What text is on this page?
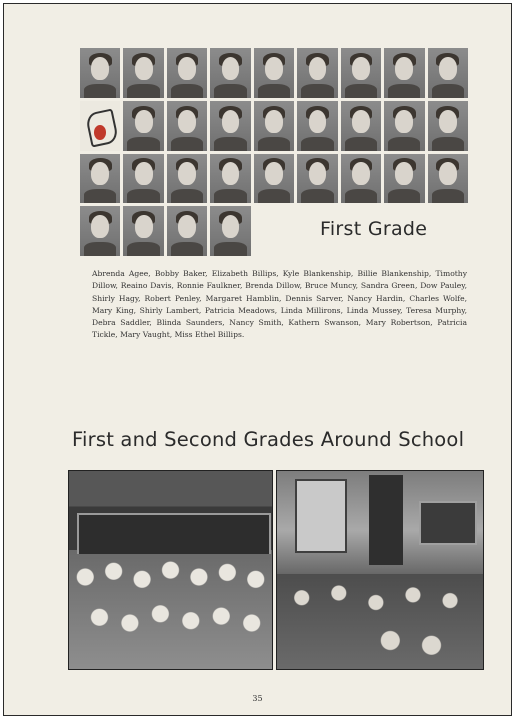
First Grade
Abrenda Agee, Bobby Baker, Elizabeth Billips, Kyle Blankenship, Billie Blankenship, Timothy Dillow, Reaino Davis, Ronnie Faulkner, Brenda Dillow, Bruce Muncy, Sandra Green, Dow Pauley, Shirly Hagy, Robert Penley, Margaret Hamblin, Dennis Sarver, Nancy Hardin, Charles Wolfe, Mary King, Shirly Lambert, Patricia Meadows, Linda Millirons, Linda Mussey, Teresa Murphy, Debra Saddler, Blinda Saunders, Nancy Smith, Kathern Swanson, Mary Robertson, Patricia Tickle, Mary Vaught, Miss Ethel Billips.
First and Second Grades Around School
35
